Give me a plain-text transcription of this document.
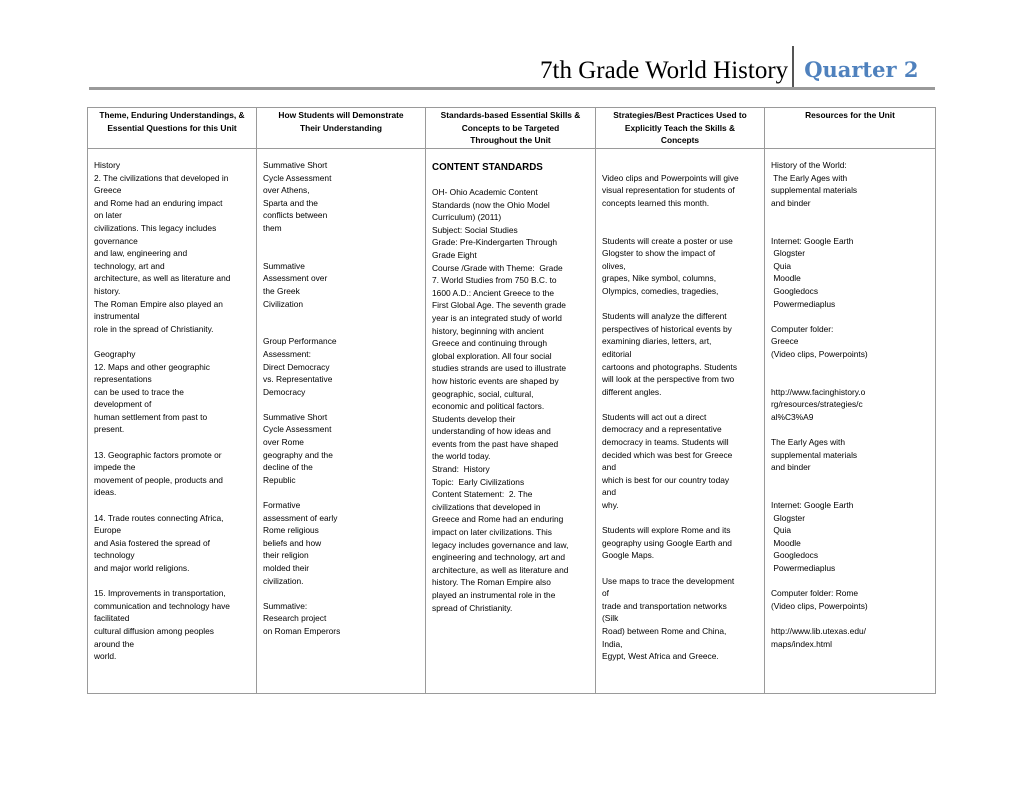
7th Grade World History Quarter 2
Theme, Enduring Understandings, &
Essential Questions for this Unit
How Students will Demonstrate
Their Understanding
Standards-based Essential Skills &
Concepts to be Targeted
Throughout the Unit
Strategies/Best Practices Used to
Explicitly Teach the Skills &
Concepts
Resources for the Unit
History
2. The civilizations that developed in
Greece
and Rome had an enduring impact
on later
civilizations. This legacy includes
governance
and law, engineering and
technology, art and
architecture, as well as literature and
history.
The Roman Empire also played an
instrumental
role in the spread of Christianity.

Geography
12. Maps and other geographic
representations
can be used to trace the
development of
human settlement from past to
present.

13. Geographic factors promote or
impede the
movement of people, products and
ideas.

14. Trade routes connecting Africa,
Europe
and Asia fostered the spread of
technology
and major world religions.

15. Improvements in transportation,
communication and technology have
facilitated
cultural diffusion among peoples
around the
world.
Summative Short
Cycle Assessment
over Athens,
Sparta and the
conflicts between
them

Summative
Assessment over
the Greek
Civilization

Group Performance
Assessment:
Direct Democracy
vs. Representative
Democracy

Summative Short
Cycle Assessment
over Rome
geography and the
decline of the
Republic

Formative
assessment of early
Rome religious
beliefs and how
their religion
molded their
civilization.

Summative:
Research project
on Roman Emperors
CONTENT STANDARDS
OH- Ohio Academic Content
Standards (now the Ohio Model
Curriculum) (2011)
Subject: Social Studies
Grade: Pre-Kindergarten Through
Grade Eight
Course /Grade with Theme:  Grade
7. World Studies from 750 B.C. to
1600 A.D.: Ancient Greece to the
First Global Age. The seventh grade
year is an integrated study of world
history, beginning with ancient
Greece and continuing through
global exploration. All four social
studies strands are used to illustrate
how historic events are shaped by
geographic, social, cultural,
economic and political factors.
Students develop their
understanding of how ideas and
events from the past have shaped
the world today.
Strand:  History
Topic:  Early Civilizations
Content Statement:  2. The
civilizations that developed in
Greece and Rome had an enduring
impact on later civilizations. This
legacy includes governance and law,
engineering and technology, art and
architecture, as well as literature and
history. The Roman Empire also
played an instrumental role in the
spread of Christianity.

Video clips and Powerpoints will give
visual representation for students of
concepts learned this month.

Students will create a poster or use
Glogster to show the impact of
olives,
grapes, Nike symbol, columns,
Olympics, comedies, tragedies,

Students will analyze the different
perspectives of historical events by
examining diaries, letters, art,
editorial
cartoons and photographs. Students
will look at the perspective from two
different angles.

Students will act out a direct
democracy and a representative
democracy in teams. Students will
decided which was best for Greece
and
which is best for our country today
and
why.

Students will explore Rome and its
geography using Google Earth and
Google Maps.

Use maps to trace the development
of
trade and transportation networks
(Silk
Road) between Rome and China,
India,
Egypt, West Africa and Greece.
History of the World:
The Early Ages with
supplemental materials
and binder

Internet: Google Earth
Glogster
Quia
Moodle
Googledocs
Powermediaplus

Computer folder:
Greece
(Video clips, Powerpoints)

http://www.facinghistory.o
rg/resources/strategies/c
al%C3%A9

The Early Ages with
supplemental materials
and binder

Internet: Google Earth
Glogster
Quia
Moodle
Googledocs
Powermediaplus

Computer folder: Rome
(Video clips, Powerpoints)

http://www.lib.utexas.edu/
maps/index.html
